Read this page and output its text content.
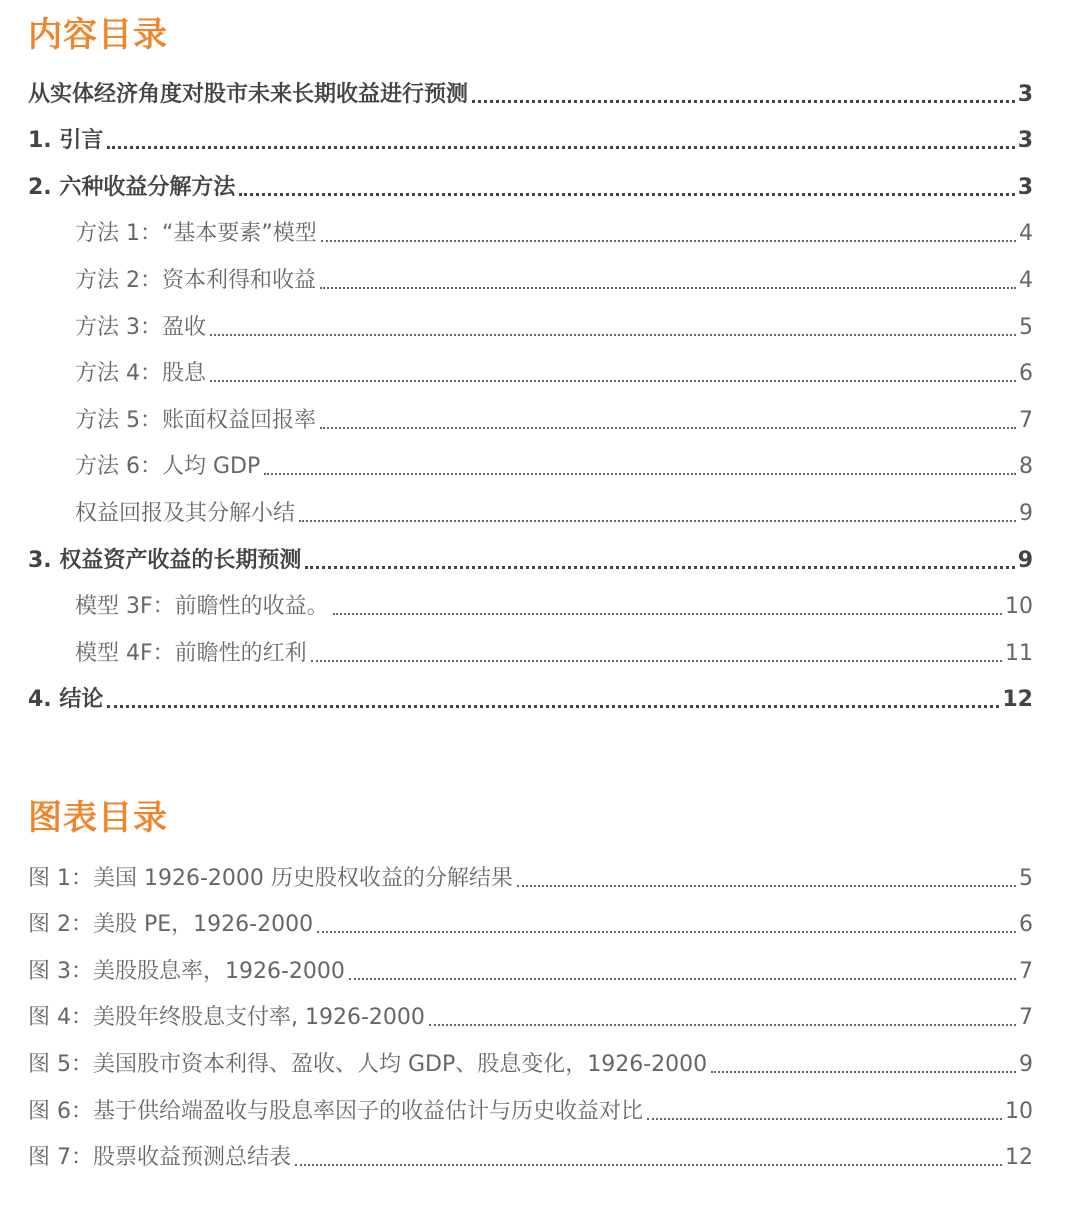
内容目录
从实体经济角度对股市未来长期收益进行预测	3
1. 引言	3
2. 六种收益分解方法	3
方法 1：“基本要素”模型	4
方法 2：资本利得和收益	4
方法 3：盈收	5
方法 4：股息	6
方法 5：账面权益回报率	7
方法 6：人均 GDP	8
权益回报及其分解小结	9
3. 权益资产收益的长期预测	9
模型 3F：前瞻性的收益。	10
模型 4F：前瞻性的红利	11
4. 结论	12
图表目录
图 1：美国 1926-2000 历史股权收益的分解结果	5
图 2：美股 PE，1926-2000	6
图 3：美股股息率，1926-2000	7
图 4：美股年终股息支付率, 1926-2000	7
图 5：美国股市资本利得、盈收、人均 GDP、股息变化，1926-2000	9
图 6：基于供给端盈收与股息率因子的收益估计与历史收益对比	10
图 7：股票收益预测总结表	12
